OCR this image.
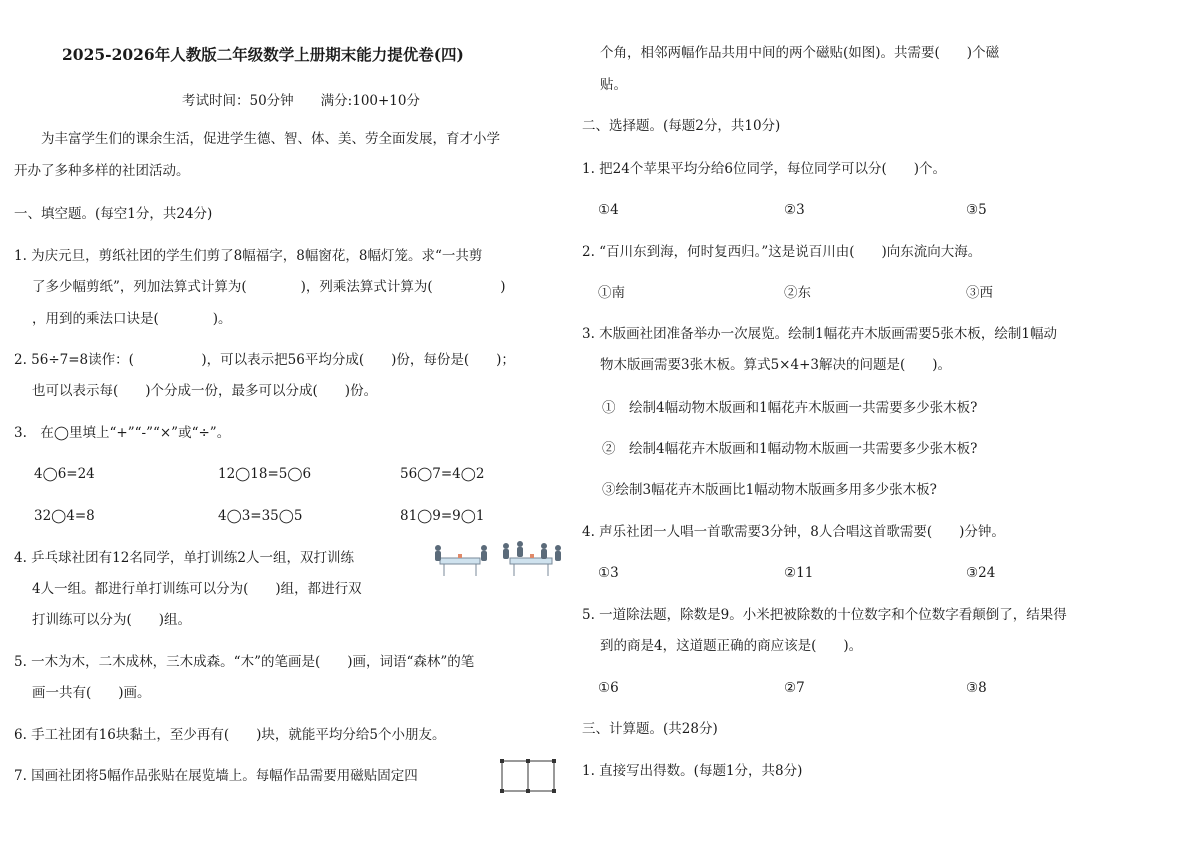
2025-2026年人教版二年级数学上册期末能力提优卷(四)
考试时间：50分钟　　满分:100+10分
　　为丰富学生们的课余生活，促进学生德、智、体、美、劳全面发展，育才小学
开办了多种多样的社团活动。
一、填空题。(每空1分，共24分)
1. 为庆元旦，剪纸社团的学生们剪了8幅福字，8幅窗花，8幅灯笼。求“一共剪
了多少幅剪纸”，列加法算式计算为(　　　　)，列乘法算式计算为(　　　　　)
，用到的乘法口诀是(　　　　)。
2. 56÷7=8读作：(　　　　　)，可以表示把56平均分成(　　)份，每份是(　　)；
也可以表示每(　　)个分成一份，最多可以分成(　　)份。
3.　在◯里填上“+”“-”“×”或“÷”。
4◯6=24	12◯18=5◯6	56◯7=4◯2
32◯4=8	4◯3=35◯5	81◯9=9◯1
4. 乒乓球社团有12名同学，单打训练2人一组，双打训练
4人一组。都进行单打训练可以分为(　　)组，都进行双
打训练可以分为(　　)组。
5. 一木为木，二木成林，三木成森。“木”的笔画是(　　)画，词语“森林”的笔
画一共有(　　)画。
6. 手工社团有16块黏土，至少再有(　　)块，就能平均分给5个小朋友。
7. 国画社团将5幅作品张贴在展览墙上。每幅作品需要用磁贴固定四
个角，相邻两幅作品共用中间的两个磁贴(如图)。共需要(　　)个磁
贴。
二、选择题。(每题2分，共10分)
1. 把24个苹果平均分给6位同学，每位同学可以分(　　)个。
①4	②3	③5
2. “百川东到海，何时复西归。”这是说百川由(　　)向东流向大海。
①南	②东	③西
3. 木版画社团准备举办一次展览。绘制1幅花卉木版画需要5张木板，绘制1幅动
物木版画需要3张木板。算式5×4+3解决的问题是(　　)。
①　绘制4幅动物木版画和1幅花卉木版画一共需要多少张木板?
②　绘制4幅花卉木版画和1幅动物木版画一共需要多少张木板?
③绘制3幅花卉木版画比1幅动物木版画多用多少张木板?
4. 声乐社团一人唱一首歌需要3分钟，8人合唱这首歌需要(　　)分钟。
①3	②11	③24
5. 一道除法题，除数是9。小米把被除数的十位数字和个位数字看颠倒了，结果得
到的商是4，这道题正确的商应该是(　　)。
①6	②7	③8
三、计算题。(共28分)
1. 直接写出得数。(每题1分，共8分)
